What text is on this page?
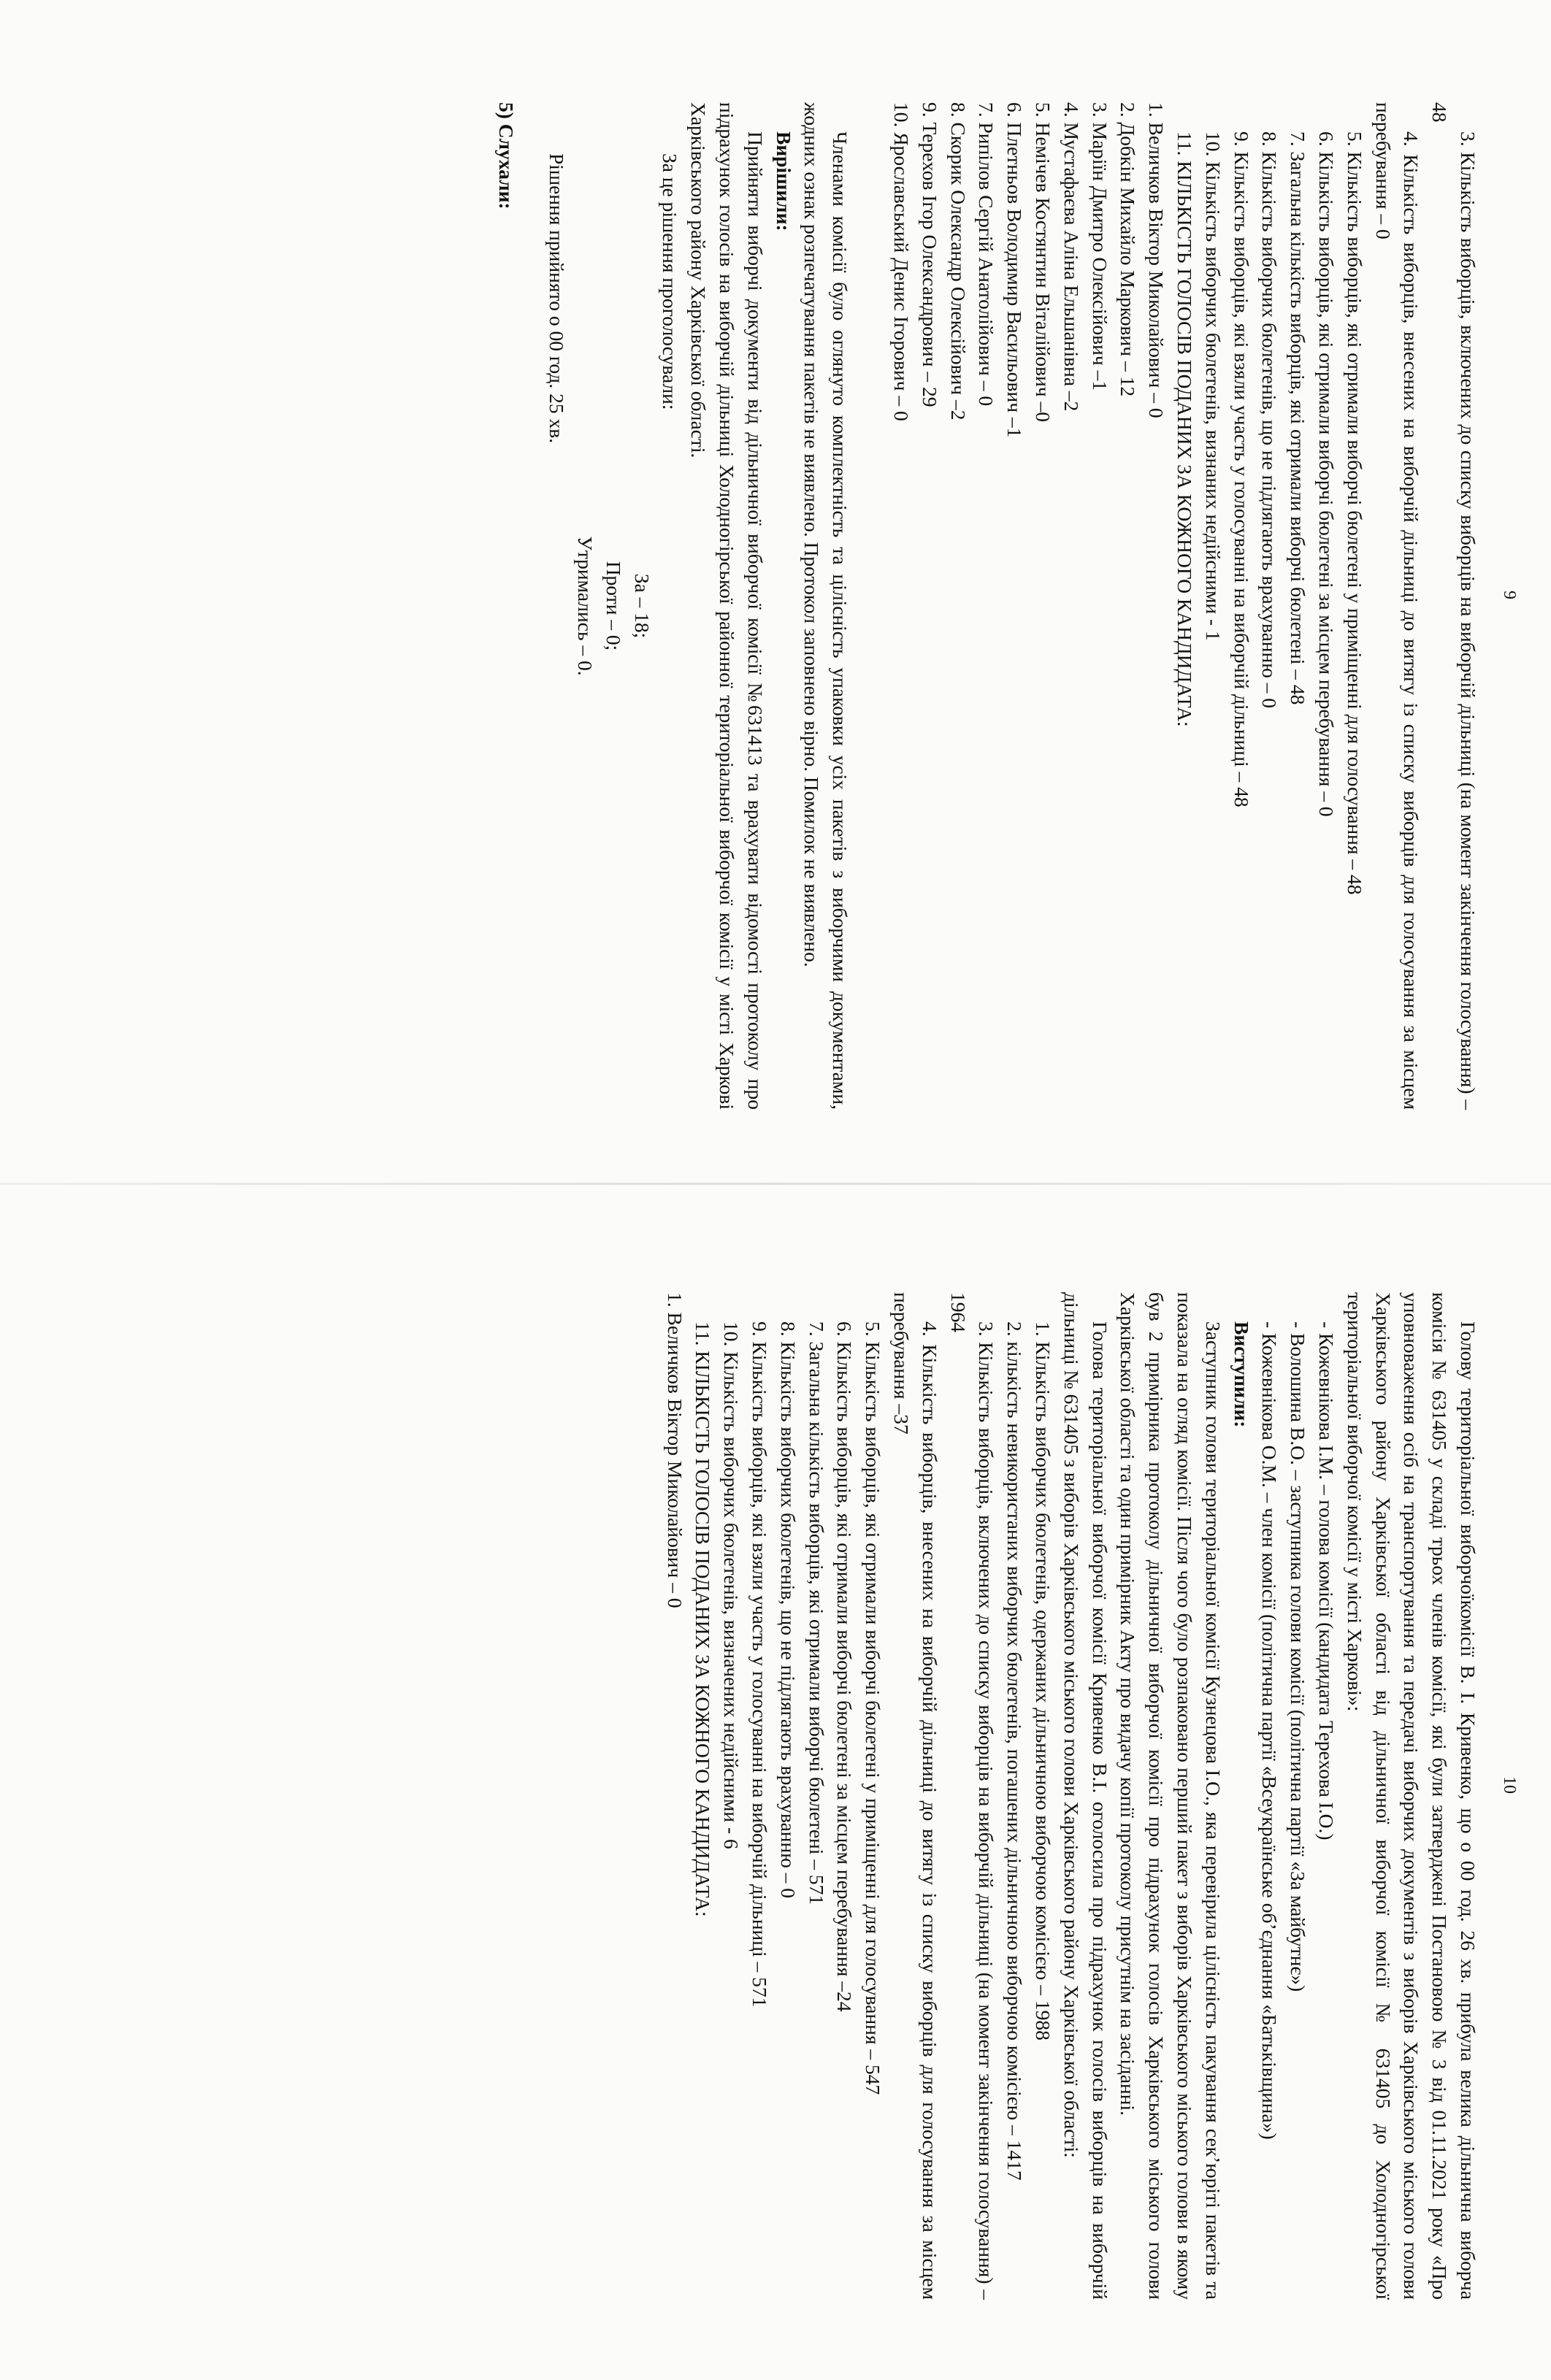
9

3. Кількість виборців, включених до списку виборців на виборчій дільниці (на момент закінчення голосування) – 48

4. Кількість виборців, внесених на виборчій дільниці до витягу із списку виборців для голосування за місцем перебування – 0

5. Кількість виборців, які отримали виборчі бюлетені у приміщенні для голосування – 48

6. Кількість виборців, які отримали виборчі бюлетені за місцем перебування – 0

7. Загальна кількість виборців, які отримали виборчі бюлетені – 48

8. Кількість виборчих бюлетенів, що не підлягають врахуванню – 0

9. Кількість виборців, які взяли участь у голосуванні на виборчій дільниці – 48

10. Кількість виборчих бюлетенів, визнаних недійсними - 1

11. КІЛЬКІСТЬ ГОЛОСІВ ПОДАНИХ ЗА КОЖНОГО КАНДИДАТА:

1. Величков Віктор Миколайович – 0

2. Добкін Михайло Маркович – 12

3. Маріїн Дмитро Олексійович –1

4. Мустафаєва Аліна Ельшанівна –2

5. Немічев Костянтин Віталійович –0

6. Плетньов Володимир Васильович –1

7. Рипілов Сергій Анатолійович – 0

8. Скорик Олександр Олексійович –2

9. Терехов Ігор Олександрович – 29

10. Ярославський Денис Ігорович – 0

Членами комісії було оглянуто комплектність та цілісність упаковки усіх пакетів з виборчими документами, жодних ознак розпечатування пакетів не виявлено. Протокол заповнено вірно. Помилок не виявлено.

Вирішили:

Прийняти виборчі документи від дільничної виборчої комісії №631413 та врахувати відомості протоколу про підрахунок голосів на виборчій дільниці Холодногірської районної територіальної виборчої комісії у місті Харкові Харківського району Харківської області.

За це рішення проголосували:

За – 18;

Проти – 0;

Утримались – 0.

Рішення прийнято о 00 год. 25 хв.

5) Слухали:

10

Голову територіальної виборчоїкомісії В. І. Кривенко, що о 00 год. 26 хв. прибула велика дільнична виборча комісія № 631405 у складі трьох членів комісії, які були затверджені Постановою № 3 від 01.11.2021 року «Про уповноваження осіб на транспортування та передачі виборчих документів з виборів Харківського міського голови Харківського району Харківської області від дільничної виборчої комісії № 631405 до Холодногірської територіальної виборчої комісії у місті Харкові»:

- Кожевнікова І.М. – голова комісії (кандидата Терехова І.О.)

- Волошина В.О. – заступника голови комісії (політична партії «За майбутнє»)

- Кожевнікова О.М. – член комісії (політична партії «Всеукраїнське об’єднання «Батьківщина»)

Виступили:

Заступник голови територіальної комісії Кузнецова І.О., яка перевірила цілісність пакування сек’юріті пакетів та показала на огляд комісії. Після чого було розпаковано перший пакет з виборів Харківського міського голови в якому був 2 примірника протоколу дільничної виборчої комісії про підрахунок голосів Харківського міського голови Харківської області та один примірник Акту про видачу копії протоколу присутнім на засіданні.

Голова територіальної виборчої комісії Кривенко В.І. оголосила про підрахунок голосів виборців на виборчій дільниці № 631405 з виборів Харківського міського голови Харківського району Харківської області:

1. Кількість виборчих бюлетенів, одержаних дільничною виборчою комісією – 1988

2. кількість невикористаних виборчих бюлетенів, погашених дільничною виборчою комісією – 1417

3. Кількість виборців, включених до списку виборців на виборчій дільниці (на момент закінчення голосування) – 1964

4. Кількість виборців, внесених на виборчій дільниці до витягу із списку виборців для голосування за місцем перебування –37

5. Кількість виборців, які отримали виборчі бюлетені у приміщенні для голосування – 547

6. Кількість виборців, які отримали виборчі бюлетені за місцем перебування –24

7. Загальна кількість виборців, які отримали виборчі бюлетені – 571

8. Кількість виборчих бюлетенів, що не підлягають врахуванню – 0

9. Кількість виборців, які взяли участь у голосуванні на виборчій дільниці – 571

10. Кількість виборчих бюлетенів, визначених недійсними - 6

11. КІЛЬКІСТЬ ГОЛОСІВ ПОДАНИХ ЗА КОЖНОГО КАНДИДАТА:

1. Величков Віктор Миколайович – 0
